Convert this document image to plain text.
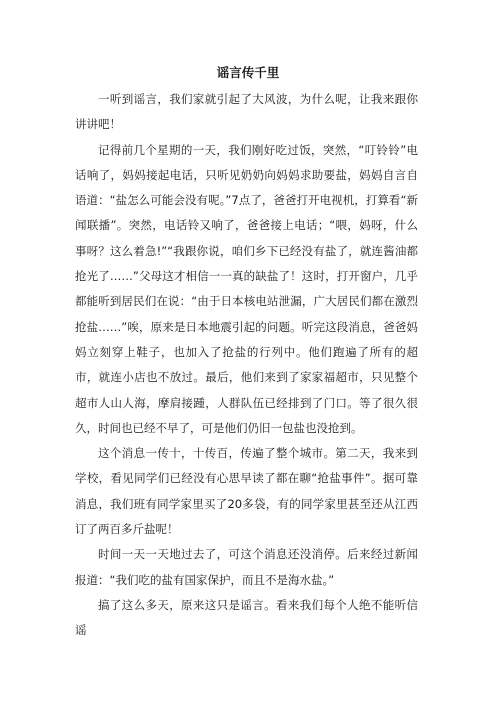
谣言传千里

一听到谣言，我们家就引起了大风波，为什么呢，让我来跟你讲讲吧！

记得前几个星期的一天，我们刚好吃过饭，突然，“叮铃铃”电话响了，妈妈接起电话，只听见奶奶向妈妈求助要盐，妈妈自言自语道：“盐怎么可能会没有呢。”7点了，爸爸打开电视机，打算看“新闻联播”。突然，电话铃又响了，爸爸接上电话；“喂，妈呀，什么事呀？这么着急!”“我跟你说，咱们乡下已经没有盐了，就连酱油都抢光了……”父母这才相信一一真的缺盐了！这时，打开窗户，几乎都能听到居民们在说：“由于日本核电站泄漏，广大居民们都在激烈抢盐……”唉，原来是日本地震引起的问题。听完这段消息，爸爸妈妈立刻穿上鞋子，也加入了抢盐的行列中。他们跑遍了所有的超市，就连小店也不放过。最后，他们来到了家家福超市，只见整个超市人山人海，摩肩接踵，人群队伍已经排到了门口。等了很久很久，时间也已经不早了，可是他们仍旧一包盐也没抢到。

这个消息一传十，十传百，传遍了整个城市。第二天，我来到学校，看见同学们已经没有心思早读了都在聊“抢盐事件”。据可靠消息，我们班有同学家里买了20多袋，有的同学家里甚至还从江西订了两百多斤盐呢！

时间一天一天地过去了，可这个消息还没消停。后来经过新闻报道：“我们吃的盐有国家保护，而且不是海水盐。”

搞了这么多天，原来这只是谣言。看来我们每个人绝不能听信谣
